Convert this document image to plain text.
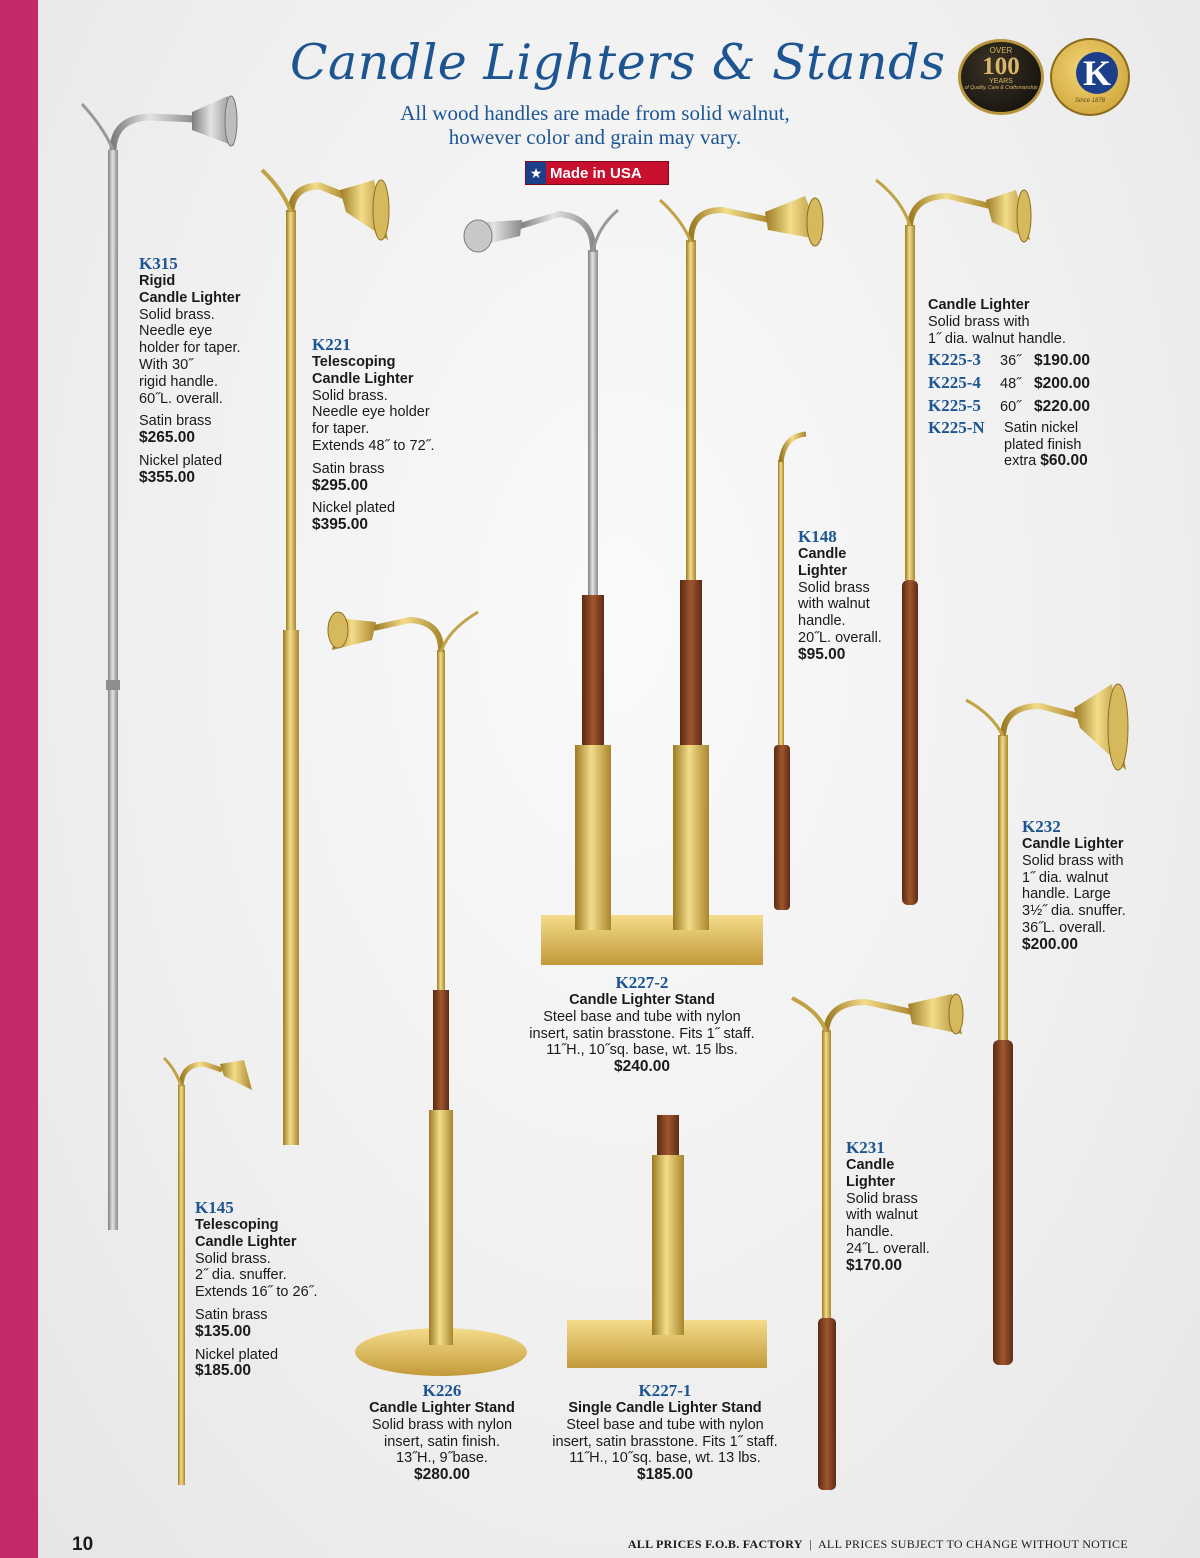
Candle Lighters & Stands
All wood handles are made from solid walnut,
however color and grain may vary.
★ Made in USA
OVER
100
YEARS
of Quality, Care & Craftsmanship K
Since 1878
K315
Rigid
Candle Lighter
Solid brass.
Needle eye
holder for taper.
With 30˝
rigid handle.
60˝L. overall.
Satin brass
$265.00
Nickel plated
$355.00
K221
Telescoping
Candle Lighter
Solid brass.
Needle eye holder
for taper.
Extends 48˝ to 72˝.
Satin brass
$295.00
Nickel plated
$395.00
Candle Lighter
Solid brass with
1˝ dia. walnut handle.
K225-3	36˝ $190.00
K225-4	48˝ $200.00
K225-5	60˝ $220.00
K225-N	Satin nickel
plated finish
extra $60.00
K148
Candle
Lighter
Solid brass
with walnut
handle.
20˝L. overall.
$95.00
K232
Candle Lighter
Solid brass with
1˝ dia. walnut
handle. Large
3½˝ dia. snuffer.
36˝L. overall.
$200.00
K227-2
Candle Lighter Stand
Steel base and tube with nylon
insert, satin brasstone. Fits 1˝ staff.
11˝H., 10˝sq. base, wt. 15 lbs.
$240.00
K231
Candle
Lighter
Solid brass
with walnut
handle.
24˝L. overall.
$170.00
K145
Telescoping
Candle Lighter
Solid brass.
2˝ dia. snuffer.
Extends 16˝ to 26˝.
Satin brass
$135.00
Nickel plated
$185.00
K226
Candle Lighter Stand
Solid brass with nylon
insert, satin finish.
13˝H., 9˝base.
$280.00
K227-1
Single Candle Lighter Stand
Steel base and tube with nylon
insert, satin brasstone. Fits 1˝ staff.
11˝H., 10˝sq. base, wt. 13 lbs.
$185.00
10	ALL PRICES F.O.B. FACTORY | ALL PRICES SUBJECT TO CHANGE WITHOUT NOTICE
